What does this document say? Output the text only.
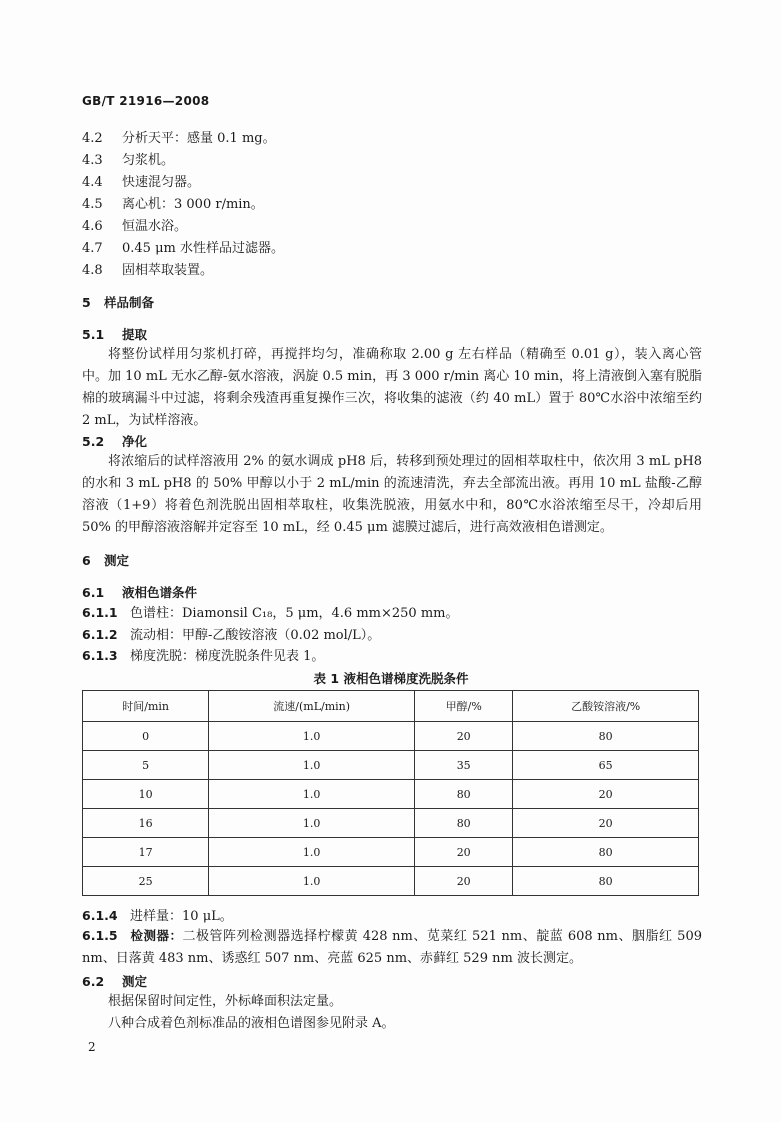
GB/T 21916—2008
4.2 分析天平：感量 0.1 mg。
4.3 匀浆机。
4.4 快速混匀器。
4.5 离心机：3 000 r/min。
4.6 恒温水浴。
4.7 0.45 μm 水性样品过滤器。
4.8 固相萃取装置。
5 样品制备
5.1 提取
将整份试样用匀浆机打碎，再搅拌均匀，准确称取 2.00 g 左右样品（精确至 0.01 g），装入离心管中。加 10 mL 无水乙醇-氨水溶液，涡旋 0.5 min，再 3 000 r/min 离心 10 min，将上清液倒入塞有脱脂棉的玻璃漏斗中过滤，将剩余残渣再重复操作三次，将收集的滤液（约 40 mL）置于 80℃水浴中浓缩至约 2 mL，为试样溶液。
5.2 净化
将浓缩后的试样溶液用 2% 的氨水调成 pH8 后，转移到预处理过的固相萃取柱中，依次用 3 mL pH8 的水和 3 mL pH8 的 50% 甲醇以小于 2 mL/min 的流速清洗，弃去全部流出液。再用 10 mL 盐酸-乙醇溶液（1+9）将着色剂洗脱出固相萃取柱，收集洗脱液，用氨水中和，80℃水浴浓缩至尽干，冷却后用 50% 的甲醇溶液溶解并定容至 10 mL，经 0.45 μm 滤膜过滤后，进行高效液相色谱测定。
6 测定
6.1 液相色谱条件
6.1.1 色谱柱：Diamonsil C₁₈，5 μm，4.6 mm×250 mm。
6.1.2 流动相：甲醇-乙酸铵溶液（0.02 mol/L）。
6.1.3 梯度洗脱：梯度洗脱条件见表 1。
表 1 液相色谱梯度洗脱条件
时间/min	流速/(mL/min)	甲醇/%	乙酸铵溶液/%
0	1.0	20	80
5	1.0	35	65
10	1.0	80	20
16	1.0	80	20
17	1.0	20	80
25	1.0	20	80
6.1.4 进样量：10 μL。
6.1.5 检测器：二极管阵列检测器选择柠檬黄 428 nm、苋菜红 521 nm、靛蓝 608 nm、胭脂红 509 nm、日落黄 483 nm、诱惑红 507 nm、亮蓝 625 nm、赤藓红 529 nm 波长测定。
6.2 测定
根据保留时间定性，外标峰面积法定量。
八种合成着色剂标准品的液相色谱图参见附录 A。
2
